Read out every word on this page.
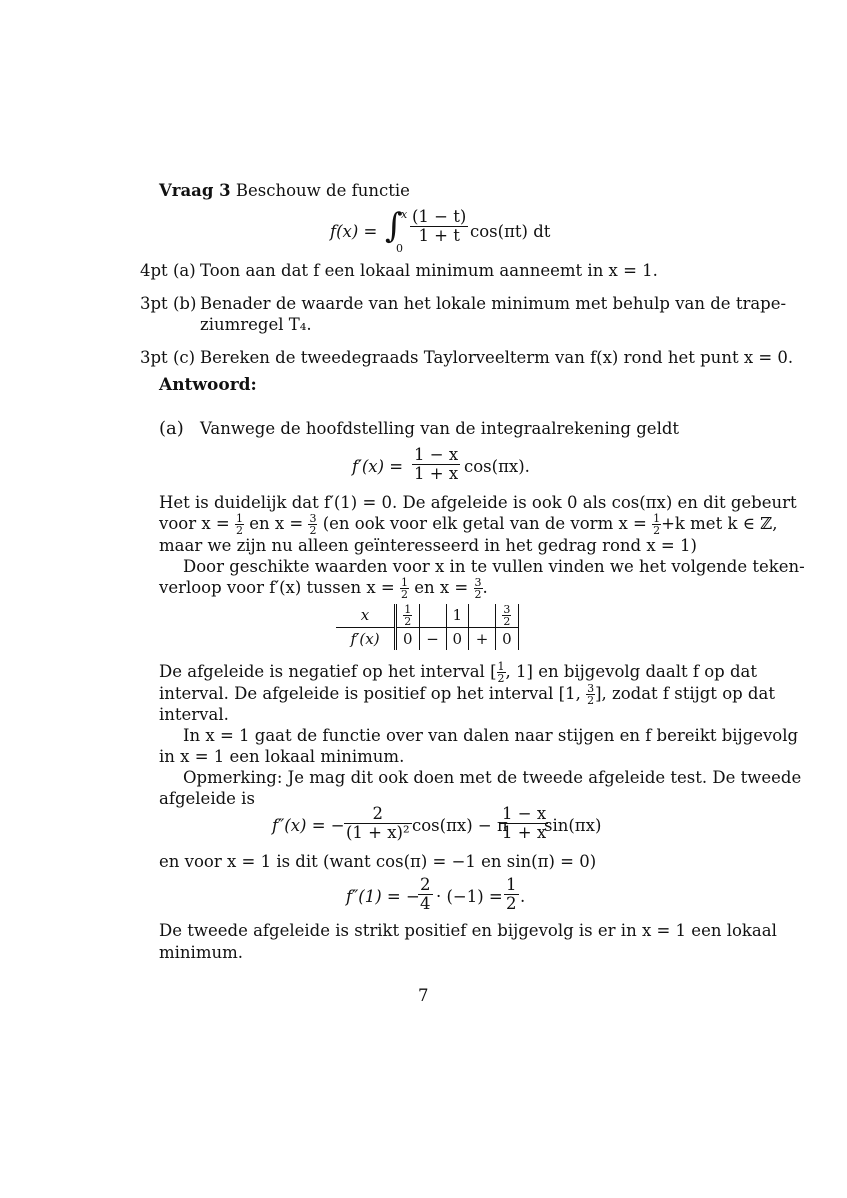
Vraag 3 Beschouw de functie
f(x) = ∫
x
0
$\frac{(1 - t)}{1 + t} \cos(\pi t)$ dt
4pt (a) Toon aan dat f een lokaal minimum aanneemt in x = 1.
3pt (b) Benader de waarde van het lokale minimum met behulp van de trape-
ziumregel T₄.
3pt (c) Bereken de tweedegraads Taylorveelterm van f(x) rond het punt x = 0.
Antwoord:
(a) Vanwege de hoofdstelling van de integraalrekening geldt
$f'(x) = \frac{1 - x}{1 + x} \cos(\pi x)$.
Het is duidelijk dat f′(1) = 0. De afgeleide is ook 0 als cos(πx) en dit gebeurt
voor $x = \frac{1}{2}$ en $x = \frac{3}{2} (en$ ook voor elk getal van de vorm $x = \frac{1}{2} +k$ met k ∈ ℤ,
maar we zijn nu alleen geïnteresseerd in het gedrag rond x = 1)
Door geschikte waarden voor x in te vullen vinden we het volgende teken-
verloop voor f′(x) tussen $x = \frac{1}{2}$ en $x = \frac{3}{2}$ .
x	$\frac{1}{2}$		1		$\frac{3}{2}$

f′(x)	0	−	0	+	0
De afgeleide is negatief op het interval [ $\frac{1}{2}$ , 1] en bijgevolg daalt f op dat
interval. De afgeleide is positief op het interval [1, $\frac{3}{2}$ ], zodat f stijgt op dat
interval.
In x = 1 gaat de functie over van dalen naar stijgen en f bereikt bijgevolg
in x = 1 een lokaal minimum.
Opmerking: Je mag dit ook doen met de tweede afgeleide test. De tweede
afgeleide is
f″(x) = − $\frac{2}{\text{(1 + x)²}} \cos(\pi x) - \pi$
$\frac{1 - x}{1 + x}$
sin(πx)
en voor x = 1 is dit (want cos(π) = −1 en sin(π) = 0)
f″(1) = −
$\frac{2}{4} \cdot (-1) = \frac{1}{2}$ .
De tweede afgeleide is strikt positief en bijgevolg is er in x = 1 een lokaal
minimum.
7
